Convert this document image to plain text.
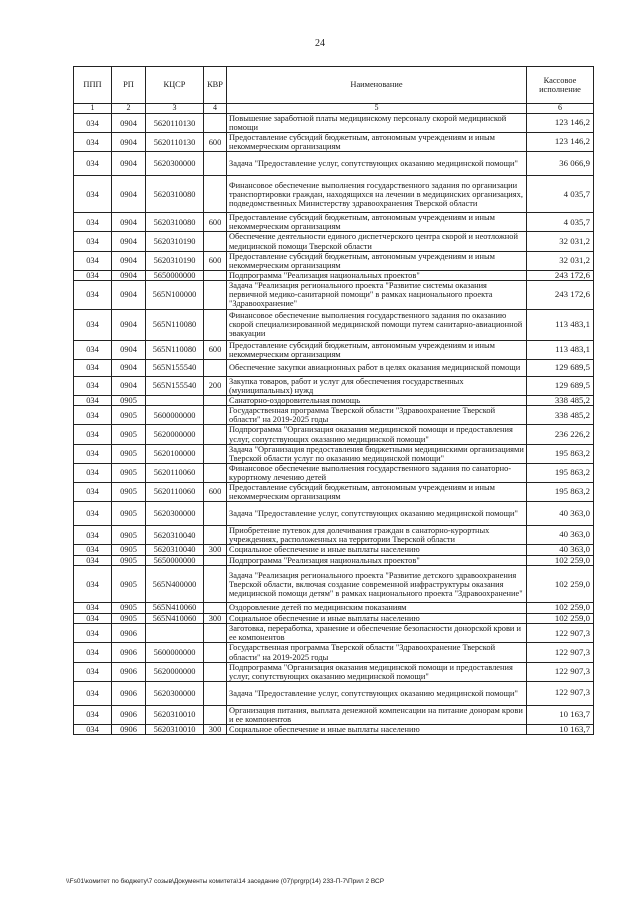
24
ППП	РП	КЦСР	КВР	Наименование	Кассовое исполнение
1	2	3	4	5	6
034	0904	5620110130		Повышение заработной платы медицинскому персоналу скорой медицинской помощи	123 146,2
034	0904	5620110130	600	Предоставление субсидий бюджетным, автономным учреждениям и иным некоммерческим организациям	123 146,2
034	0904	5620300000		Задача "Предоставление услуг, сопутствующих оказанию медицинской помощи"	36 066,9
034	0904	5620310080		Финансовое обеспечение выполнения государственного задания по организации транспортировки граждан, находящихся на лечении в медицинских организациях, подведомственных Министерству здравоохранения Тверской области	4 035,7
034	0904	5620310080	600	Предоставление субсидий бюджетным, автономным учреждениям и иным некоммерческим организациям	4 035,7
034	0904	5620310190		Обеспечение деятельности единого диспетчерского центра скорой и неотложной медицинской помощи Тверской области	32 031,2
034	0904	5620310190	600	Предоставление субсидий бюджетным, автономным учреждениям и иным некоммерческим организациям	32 031,2
034	0904	5650000000		Подпрограмма "Реализация национальных проектов"	243 172,6
034	0904	565N100000		Задача "Реализация регионального проекта "Развитие системы оказания первичной медико-санитарной помощи" в рамках национального проекта "Здравоохранение"	243 172,6
034	0904	565N110080		Финансовое обеспечение выполнения государственного задания по оказанию скорой специализированной медицинской помощи путем санитарно-авиационной эвакуации	113 483,1
034	0904	565N110080	600	Предоставление субсидий бюджетным, автономным учреждениям и иным некоммерческим организациям	113 483,1
034	0904	565N155540		Обеспечение закупки авиационных работ в целях оказания медицинской помощи	129 689,5
034	0904	565N155540	200	Закупка товаров, работ и услуг для обеспечения государственных (муниципальных) нужд	129 689,5
034	0905			Санаторно-оздоровительная помощь	338 485,2
034	0905	5600000000		Государственная программа Тверской области "Здравоохранение Тверской области" на 2019-2025 годы	338 485,2
034	0905	5620000000		Подпрограмма "Организация оказания медицинской помощи и предоставления услуг, сопутствующих оказанию медицинской помощи"	236 226,2
034	0905	5620100000		Задача "Организация предоставления бюджетными медицинскими организациями Тверской области услуг по оказанию медицинской помощи"	195 863,2
034	0905	5620110060		Финансовое обеспечение выполнения государственного задания по санаторно-курортному лечению детей	195 863,2
034	0905	5620110060	600	Предоставление субсидий бюджетным, автономным учреждениям и иным некоммерческим организациям	195 863,2
034	0905	5620300000		Задача "Предоставление услуг, сопутствующих оказанию медицинской помощи"	40 363,0
034	0905	5620310040		Приобретение путевок для долечивания граждан в санаторно-курортных учреждениях, расположенных на территории Тверской области	40 363,0
034	0905	5620310040	300	Социальное обеспечение и иные выплаты населению	40 363,0
034	0905	5650000000		Подпрограмма "Реализация национальных проектов"	102 259,0
034	0905	565N400000		Задача "Реализация регионального проекта "Развитие детского здравоохранения Тверской области, включая создание современной инфраструктуры оказания медицинской помощи детям" в рамках национального проекта "Здравоохранение"	102 259,0
034	0905	565N410060		Оздоровление детей по медицинским показаниям	102 259,0
034	0905	565N410060	300	Социальное обеспечение и иные выплаты населению	102 259,0
034	0906			Заготовка, переработка, хранение и обеспечение безопасности донорской крови и ее компонентов	122 907,3
034	0906	5600000000		Государственная программа Тверской области "Здравоохранение Тверской области" на 2019-2025 годы	122 907,3
034	0906	5620000000		Подпрограмма "Организация оказания медицинской помощи и предоставления услуг, сопутствующих оказанию медицинской помощи"	122 907,3
034	0906	5620300000		Задача "Предоставление услуг, сопутствующих оказанию медицинской помощи"	122 907,3
034	0906	5620310010		Организация питания, выплата денежной компенсации на питание донорам крови и ее компонентов	10 163,7
034	0906	5620310010	300	Социальное обеспечение и иные выплаты населению	10 163,7
\\Fs01\комитет по бюджету\7 созыв\Документы комитета\14 заседание (07)\prgrp(14) 233-П-7\Прил 2 ВСР
